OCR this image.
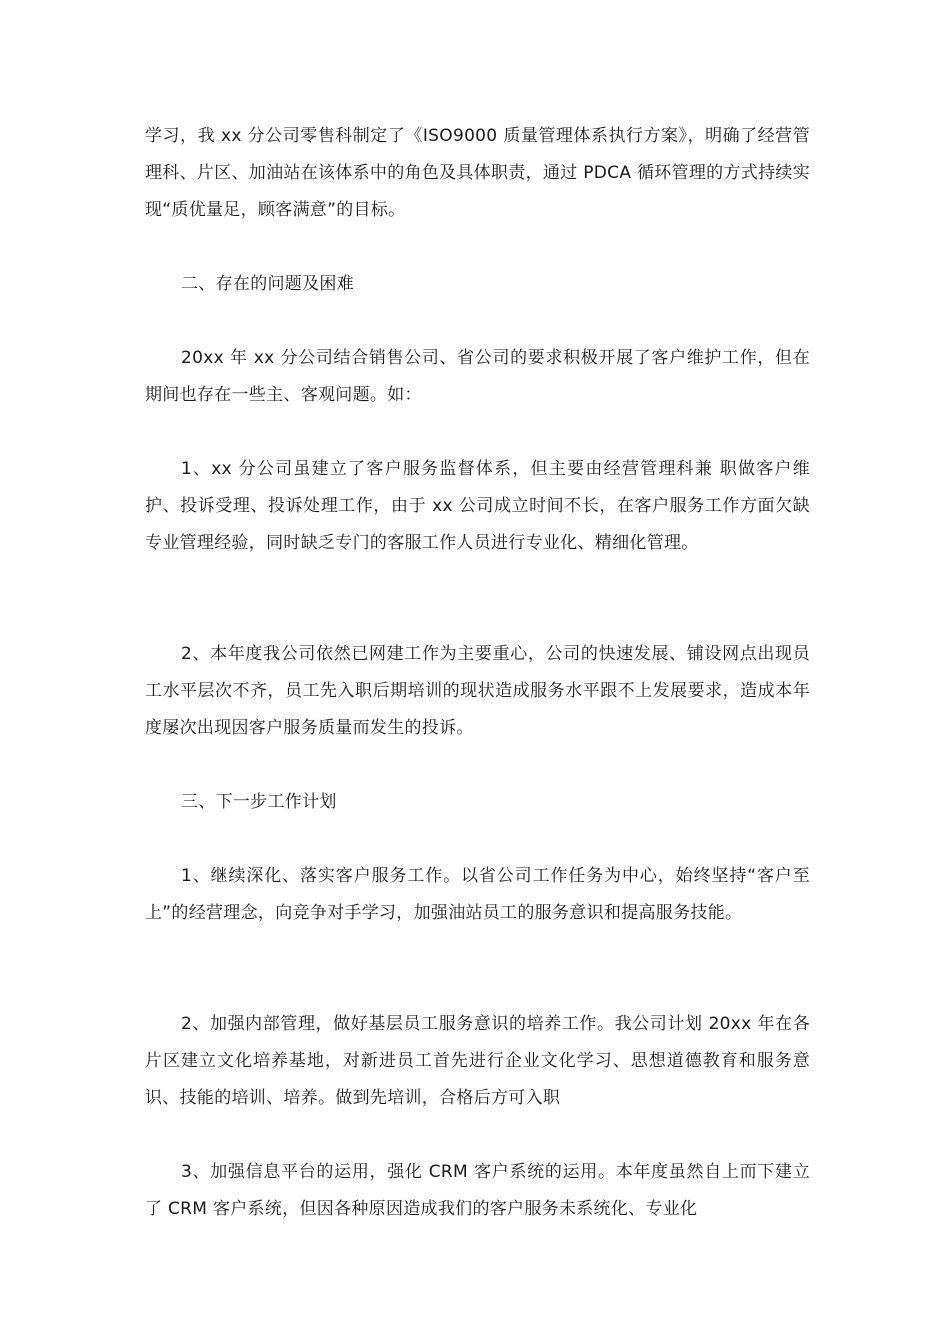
学习，我 xx 分公司零售科制定了《ISO9000 质量管理体系执行方案》，明确了经营管理科、片区、加油站在该体系中的角色及具体职责，通过 PDCA 循环管理的方式持续实现“质优量足，顾客满意”的目标。

二、存在的问题及困难

20xx 年 xx 分公司结合销售公司、省公司的要求积极开展了客户维护工作，但在期间也存在一些主、客观问题。如：

1、xx 分公司虽建立了客户服务监督体系，但主要由经营管理科兼 职做客户维护、投诉受理、投诉处理工作，由于 xx 公司成立时间不长，在客户服务工作方面欠缺专业管理经验，同时缺乏专门的客服工作人员进行专业化、精细化管理。

2、本年度我公司依然已网建工作为主要重心，公司的快速发展、铺设网点出现员工水平层次不齐，员工先入职后期培训的现状造成服务水平跟不上发展要求，造成本年度屡次出现因客户服务质量而发生的投诉。

三、下一步工作计划

1、继续深化、落实客户服务工作。以省公司工作任务为中心，始终坚持“客户至上”的经营理念，向竞争对手学习，加强油站员工的服务意识和提高服务技能。

2、加强内部管理，做好基层员工服务意识的培养工作。我公司计划 20xx 年在各片区建立文化培养基地，对新进员工首先进行企业文化学习、思想道德教育和服务意识、技能的培训、培养。做到先培训，合格后方可入职

3、加强信息平台的运用，强化 CRM 客户系统的运用。本年度虽然自上而下建立了 CRM 客户系统，但因各种原因造成我们的客户服务未系统化、专业化
